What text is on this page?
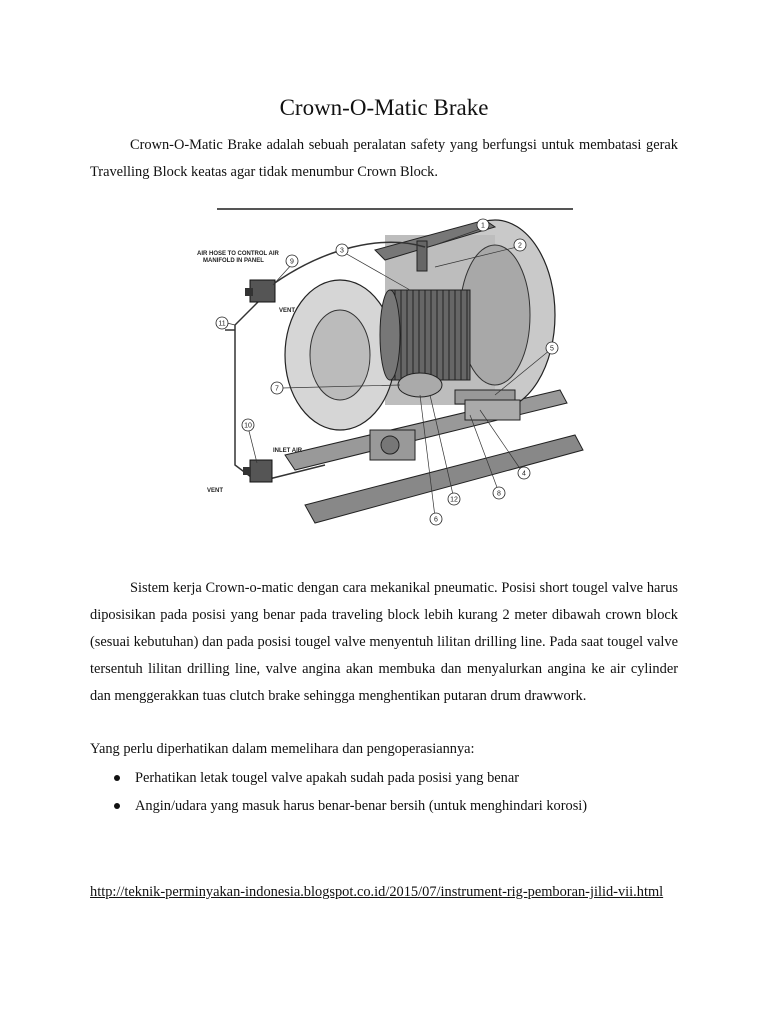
Crown-O-Matic Brake

Crown-O-Matic Brake adalah sebuah peralatan safety yang berfungsi untuk membatasi gerak Travelling Block keatas agar tidak menumbur Crown Block.

AIR HOSE TO CONTROL AIR
MANIFOLD IN PANEL
VENT
INLET AIR
VENT
1
2
3
4
5
6
7
8
9
10
11
12

Sistem kerja Crown-o-matic dengan cara mekanikal pneumatic. Posisi short tougel valve harus diposisikan pada posisi yang benar pada traveling block lebih kurang 2 meter dibawah crown block (sesuai kebutuhan) dan pada posisi tougel valve menyentuh lilitan drilling line. Pada saat tougel valve tersentuh lilitan drilling line, valve angina akan membuka dan menyalurkan angina ke air cylinder dan menggerakkan tuas clutch brake sehingga menghentikan putaran drum drawwork.

Yang perlu diperhatikan dalam memelihara dan pengoperasiannya:

Perhatikan letak tougel valve apakah sudah pada posisi yang benar
Angin/udara yang masuk harus benar-benar bersih (untuk menghindari korosi)
http://teknik-perminyakan-indonesia.blogspot.co.id/2015/07/instrument-rig-pemboran-jilid-vii.html
